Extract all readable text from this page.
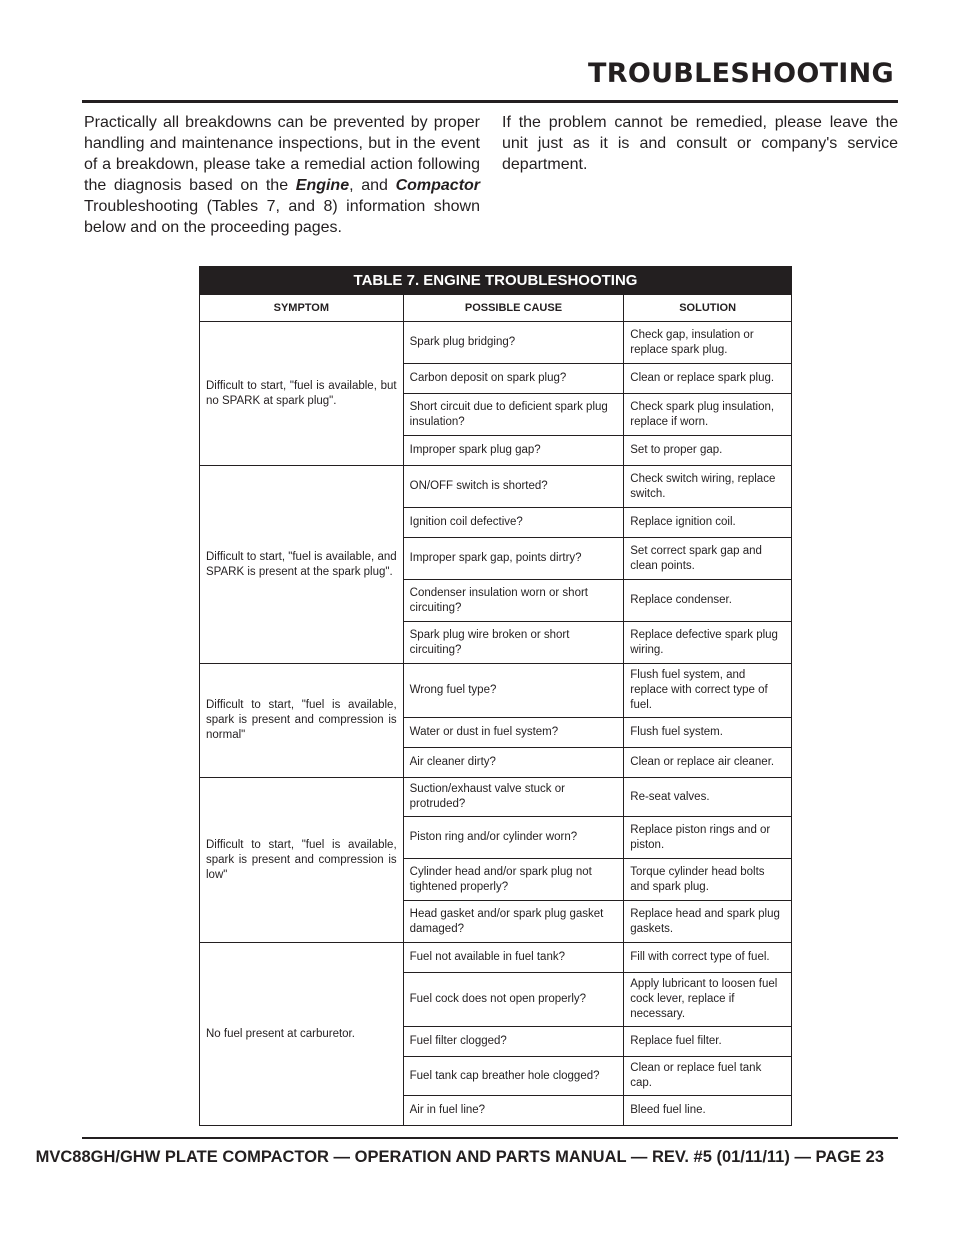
TROUBLESHOOTING

Practically all breakdowns can be prevented by proper handling and maintenance inspections, but in the event of a breakdown, please take a remedial action following the diagnosis based on the Engine, and Compactor Troubleshooting (Tables 7, and 8) information shown below and on the proceeding pages.

If the problem cannot be remedied, please leave the unit just as it is and consult or company's service department.

TABLE 7. ENGINE TROUBLESHOOTING		
SYMPTOM	POSSIBLE CAUSE	SOLUTION
Difficult to start, "fuel is available, but no SPARK at spark plug".	Spark plug bridging?	Check gap, insulation or replace spark plug.
	Carbon deposit on spark plug?	Clean or replace spark plug.
	Short circuit due to deficient spark plug insulation?	Check spark plug insulation, replace if worn.
	Improper spark plug gap?	Set to proper gap.
Difficult to start, "fuel is available, and SPARK is present at the spark plug".	ON/OFF switch is shorted?	Check switch wiring, replace switch.
	Ignition coil defective?	Replace ignition coil.
	Improper spark gap, points dirtry?	Set correct spark gap and clean points.
	Condenser insulation worn or short circuiting?	Replace condenser.
	Spark plug wire broken or short circuiting?	Replace defective spark plug wiring.
Difficult to start, "fuel is available, spark is present and compression is normal"	Wrong fuel type?	Flush fuel system, and replace with correct type of fuel.
	Water or dust in fuel system?	Flush fuel system.
	Air cleaner dirty?	Clean or replace air cleaner.
Difficult to start, "fuel is available, spark is present and compression is low"	Suction/exhaust valve stuck or protruded?	Re-seat valves.
	Piston ring and/or cylinder worn?	Replace piston rings and or piston.
	Cylinder head and/or spark plug not tightened properly?	Torque cylinder head bolts and spark plug.
	Head gasket and/or spark plug gasket damaged?	Replace head and spark plug gaskets.
No fuel present at carburetor.	Fuel not available in fuel tank?	Fill with correct type of fuel.
	Fuel cock does not open properly?	Apply lubricant to loosen fuel cock lever, replace if necessary.
	Fuel filter clogged?	Replace fuel filter.
	Fuel tank cap breather hole clogged?	Clean or replace fuel tank cap.
	Air in fuel line?	Bleed fuel line.

MVC88GH/GHW PLATE COMPACTOR — OPERATION AND PARTS MANUAL — REV. #5 (01/11/11) — PAGE 23
